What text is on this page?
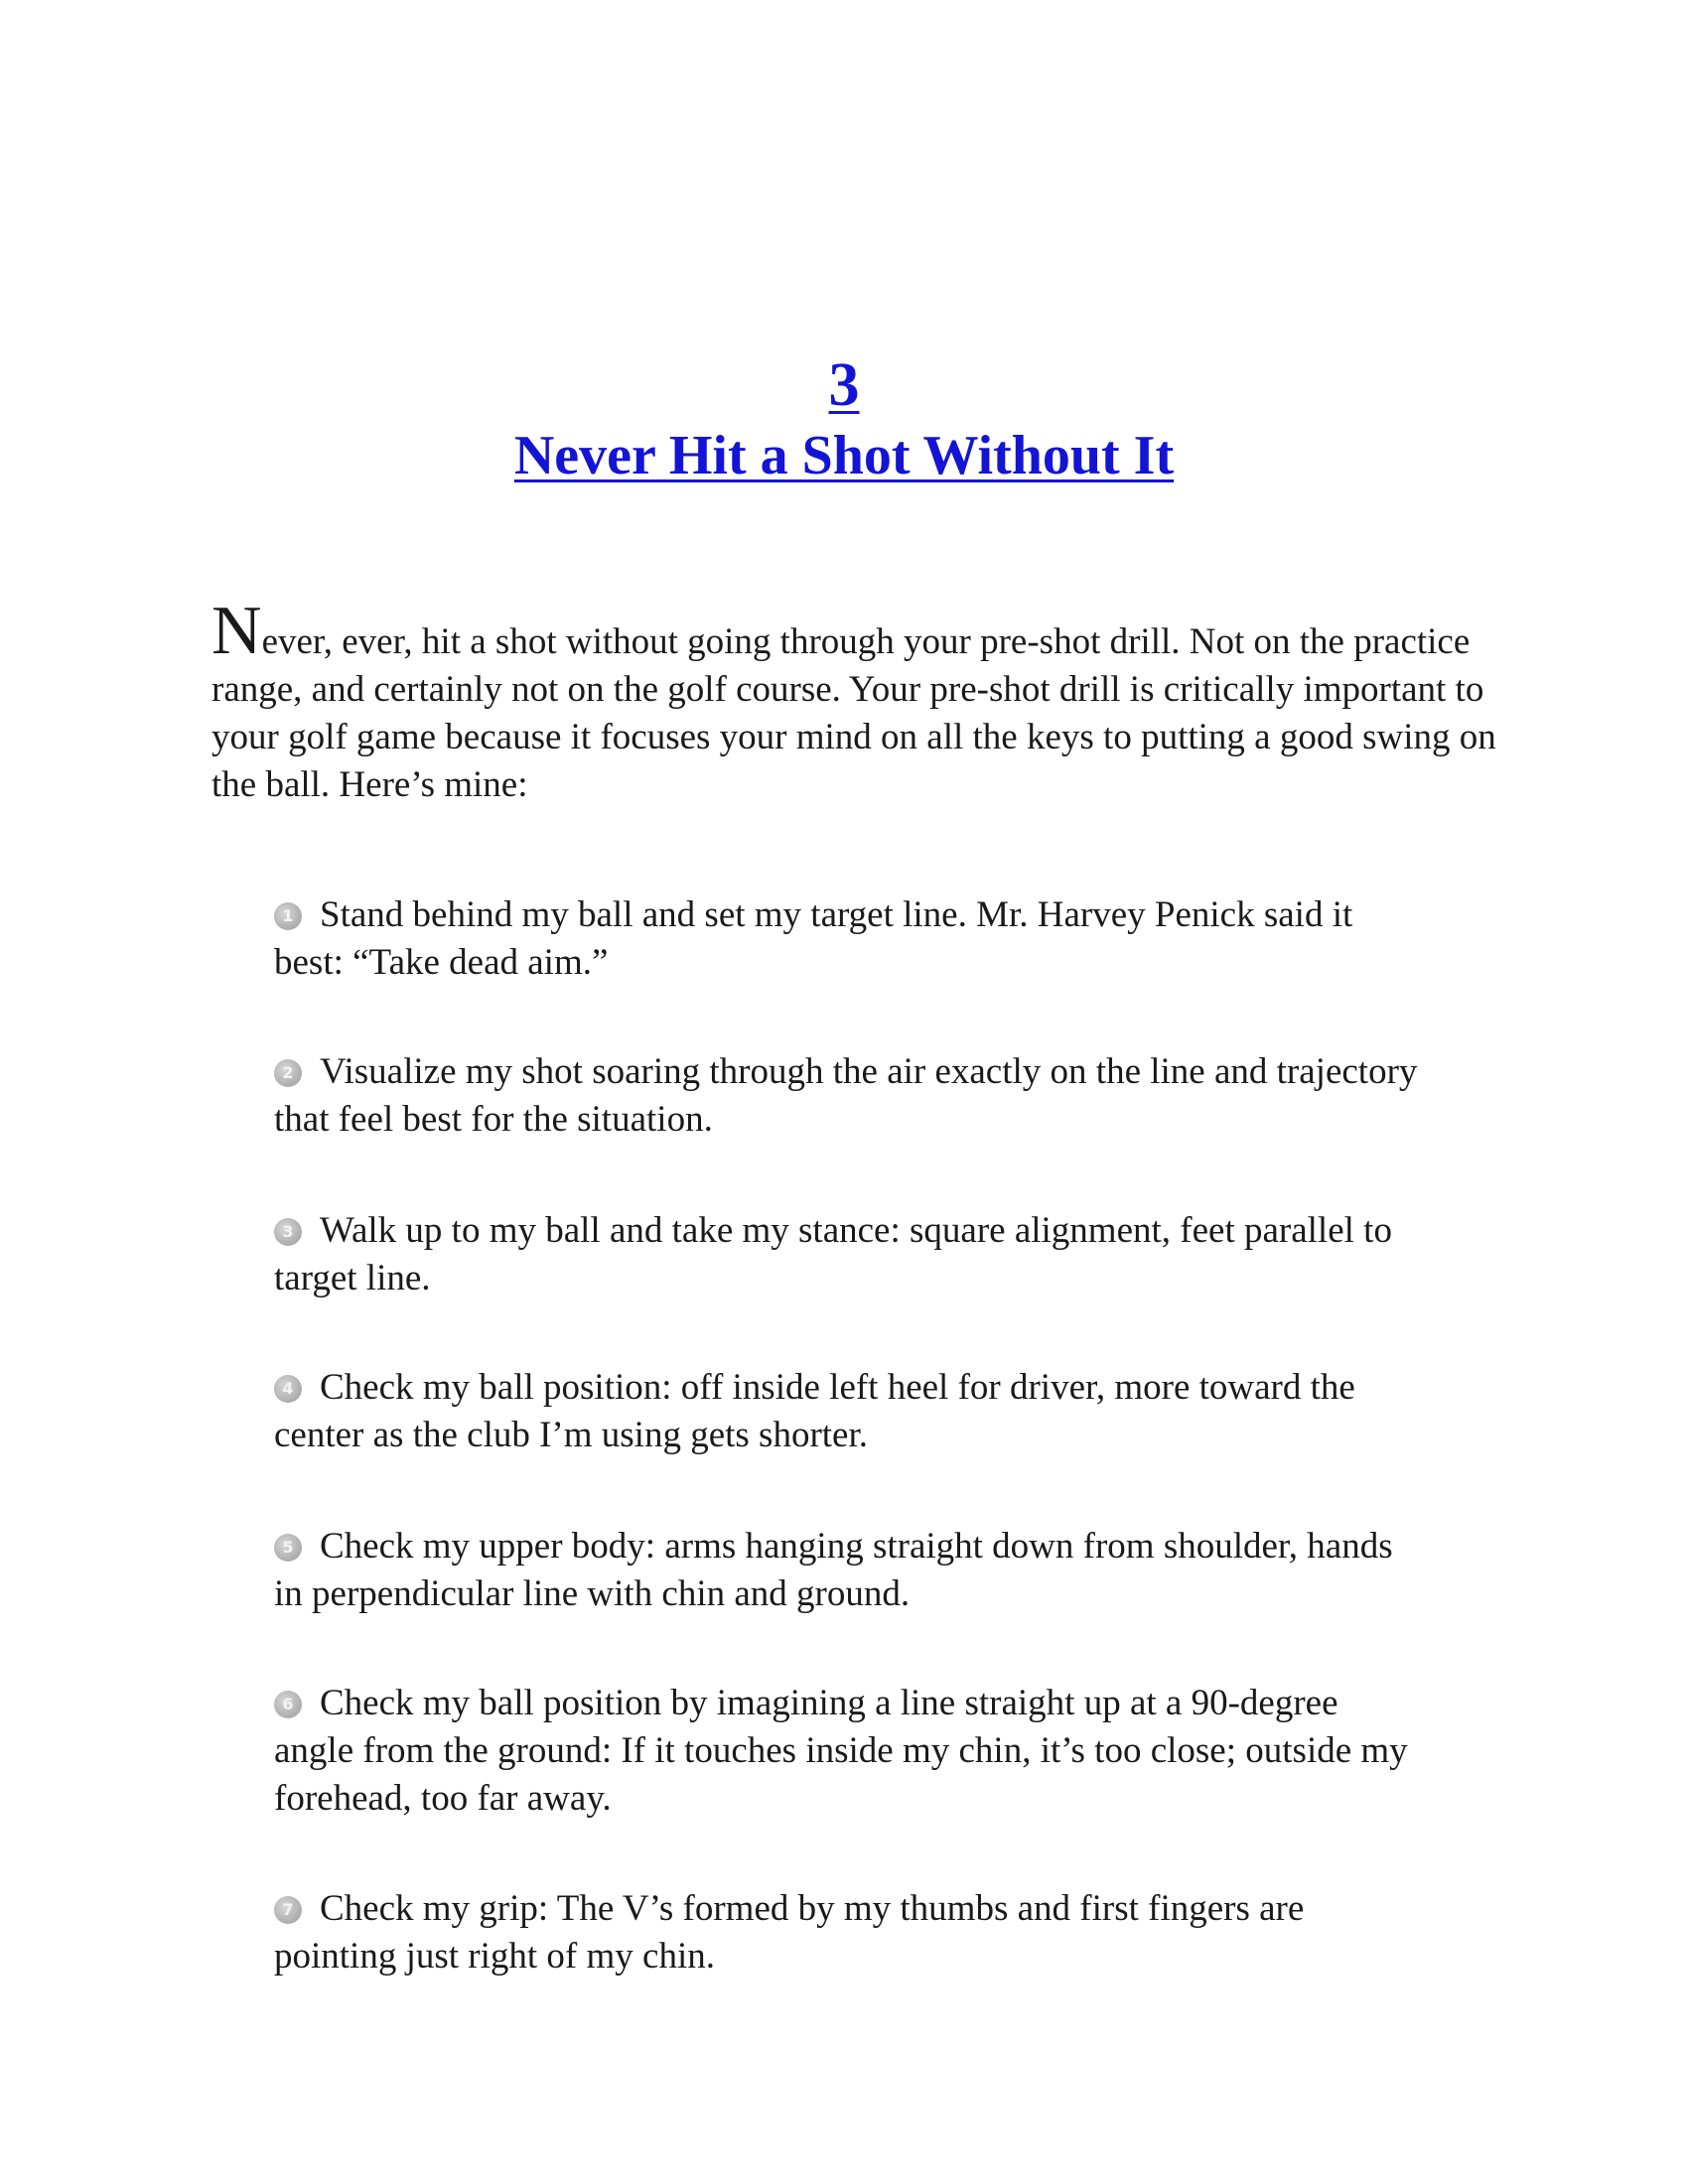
3
Never Hit a Shot Without It

Never, ever, hit a shot without going through your pre-shot drill. Not on the practice range, and certainly not on the golf course. Your pre-shot drill is critically important to your golf game because it focuses your mind on all the keys to putting a good swing on the ball. Here’s mine:

1 Stand behind my ball and set my target line. Mr. Harvey Penick said it best: “Take dead aim.”
2 Visualize my shot soaring through the air exactly on the line and trajectory that feel best for the situation.
3 Walk up to my ball and take my stance: square alignment, feet parallel to target line.
4 Check my ball position: off inside left heel for driver, more toward the center as the club I’m using gets shorter.
5 Check my upper body: arms hanging straight down from shoulder, hands in perpendicular line with chin and ground.
6 Check my ball position by imagining a line straight up at a 90-degree angle from the ground: If it touches inside my chin, it’s too close; outside my forehead, too far away.
7 Check my grip: The V’s formed by my thumbs and first fingers are pointing just right of my chin.
